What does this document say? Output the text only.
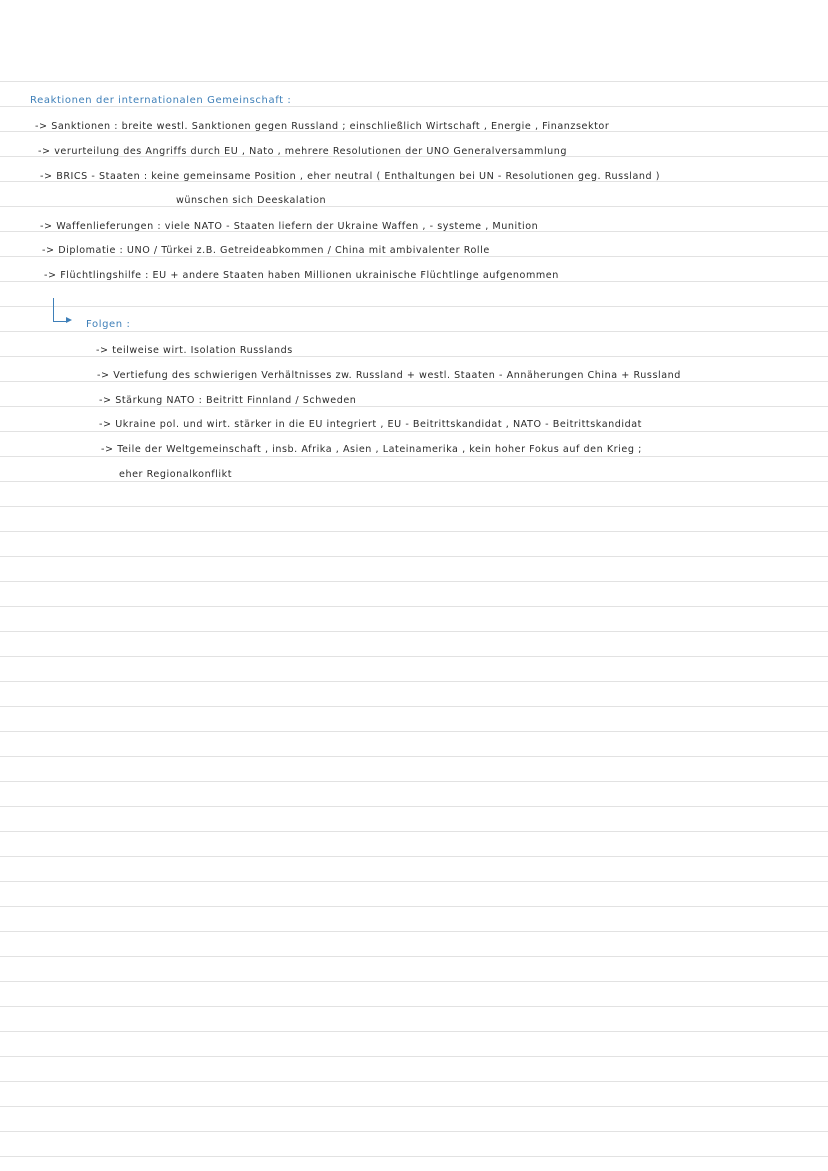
Reaktionen der internationalen Gemeinschaft :
-> Sanktionen : breite westl. Sanktionen gegen Russland ; einschließlich Wirtschaft , Energie , Finanzsektor
-> verurteilung des Angriffs durch EU , Nato , mehrere Resolutionen der UNO Generalversammlung
-> BRICS - Staaten : keine gemeinsame Position , eher neutral ( Enthaltungen bei UN - Resolutionen geg. Russland )
wünschen sich Deeskalation
-> Waffenlieferungen : viele NATO - Staaten liefern der Ukraine Waffen , - systeme , Munition
-> Diplomatie : UNO / Türkei z.B. Getreideabkommen / China mit ambivalenter Rolle
-> Flüchtlingshilfe : EU + andere Staaten haben Millionen ukrainische Flüchtlinge aufgenommen
Folgen :
-> teilweise wirt. Isolation Russlands
-> Vertiefung des schwierigen Verhältnisses zw. Russland + westl. Staaten - Annäherungen China + Russland
-> Stärkung NATO : Beitritt Finnland / Schweden
-> Ukraine pol. und wirt. stärker in die EU integriert , EU - Beitrittskandidat , NATO - Beitrittskandidat
-> Teile der Weltgemeinschaft , insb. Afrika , Asien , Lateinamerika , kein hoher Fokus auf den Krieg ;
eher Regionalkonflikt
